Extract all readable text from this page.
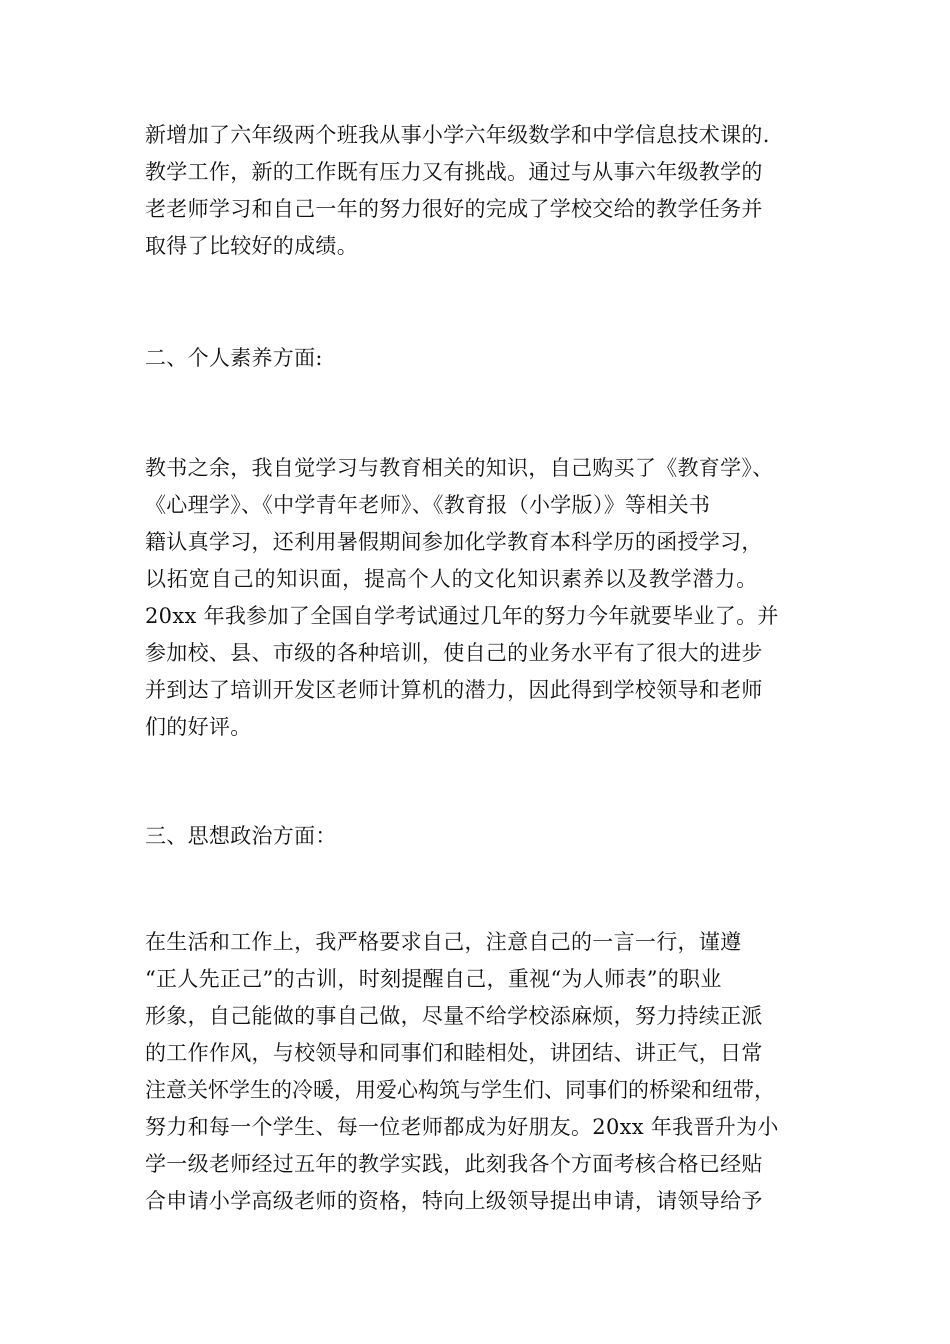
新增加了六年级两个班我从事小学六年级数学和中学信息技术课的.
教学工作，新的工作既有压力又有挑战。通过与从事六年级教学的
老老师学习和自己一年的努力很好的完成了学校交给的教学任务并
取得了比较好的成绩。
二、个人素养方面:
教书之余，我自觉学习与教育相关的知识，自己购买了《教育学》、
《心理学》、《中学青年老师》、《教育报（小学版）》等相关书
籍认真学习，还利用暑假期间参加化学教育本科学历的函授学习，
以拓宽自己的知识面，提高个人的文化知识素养以及教学潜力。
20xx 年我参加了全国自学考试通过几年的努力今年就要毕业了。并
参加校、县、市级的各种培训，使自己的业务水平有了很大的进步
并到达了培训开发区老师计算机的潜力，因此得到学校领导和老师
们的好评。
三、思想政治方面：
在生活和工作上，我严格要求自己，注意自己的一言一行，谨遵
“正人先正己”的古训，时刻提醒自己，重视“为人师表”的职业
形象，自己能做的事自己做，尽量不给学校添麻烦，努力持续正派
的工作作风，与校领导和同事们和睦相处，讲团结、讲正气，日常
注意关怀学生的冷暖，用爱心构筑与学生们、同事们的桥梁和纽带，
努力和每一个学生、每一位老师都成为好朋友。20xx 年我晋升为小
学一级老师经过五年的教学实践，此刻我各个方面考核合格已经贴
合申请小学高级老师的资格，特向上级领导提出申请，请领导给予
